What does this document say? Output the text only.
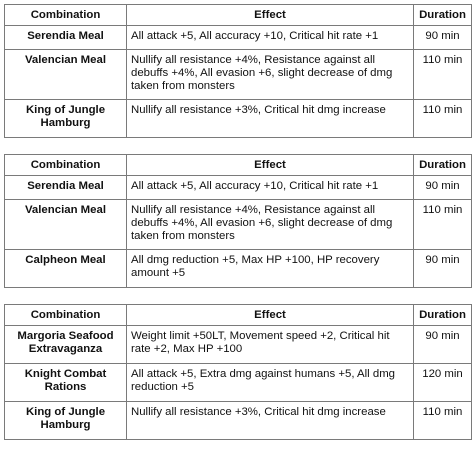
Combination	Effect	Duration
Serendia Meal	All attack +5, All accuracy +10, Critical hit rate +1	90 min
Valencian Meal	Nullify all resistance +4%, Resistance against all debuffs +4%, All evasion +6, slight decrease of dmg taken from monsters	110 min
King of Jungle Hamburg	Nullify all resistance +3%, Critical hit dmg increase	110 min
Combination	Effect	Duration
Serendia Meal	All attack +5, All accuracy +10, Critical hit rate +1	90 min
Valencian Meal	Nullify all resistance +4%, Resistance against all debuffs +4%, All evasion +6, slight decrease of dmg taken from monsters	110 min
Calpheon Meal	All dmg reduction +5, Max HP +100, HP recovery amount +5	90 min
Combination	Effect	Duration
Margoria Seafood Extravaganza	Weight limit +50LT, Movement speed +2, Critical hit rate +2, Max HP +100	90 min
Knight Combat Rations	All attack +5, Extra dmg against humans +5, All dmg reduction +5	120 min
King of Jungle Hamburg	Nullify all resistance +3%, Critical hit dmg increase	110 min
